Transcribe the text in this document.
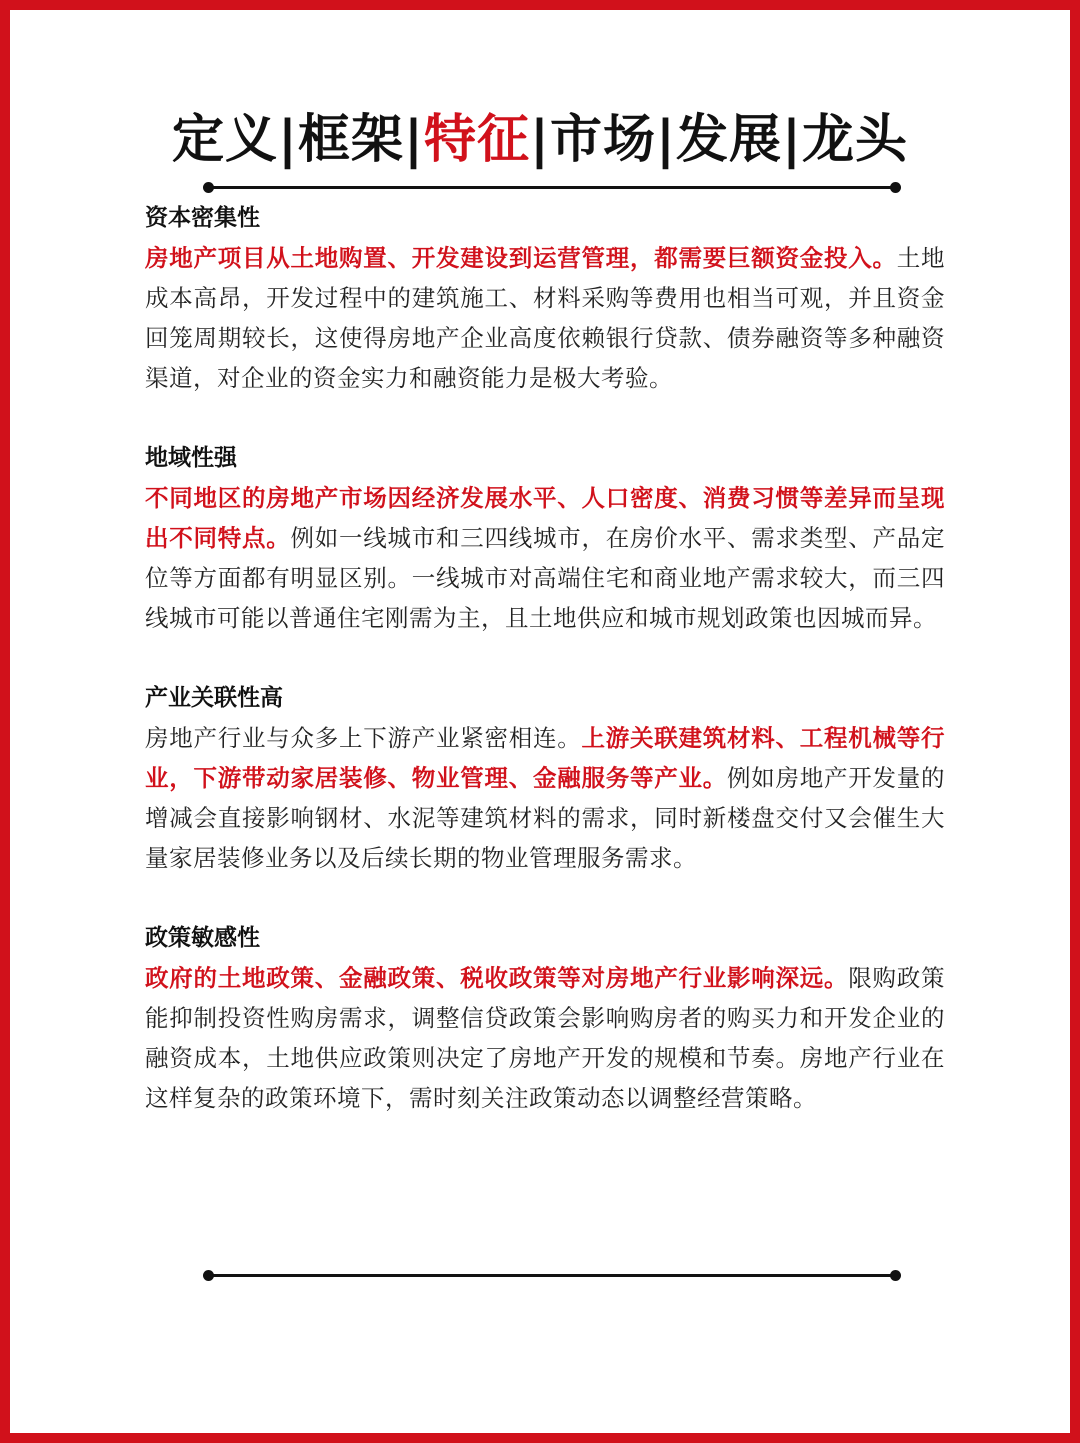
定义|框架|特征|市场|发展|龙头
资本密集性

房地产项目从土地购置、开发建设到运营管理，都需要巨额资金投入。土地成本高昂，开发过程中的建筑施工、材料采购等费用也相当可观，并且资金回笼周期较长，这使得房地产企业高度依赖银行贷款、债券融资等多种融资渠道，对企业的资金实力和融资能力是极大考验。

地域性强

不同地区的房地产市场因经济发展水平、人口密度、消费习惯等差异而呈现出不同特点。例如一线城市和三四线城市，在房价水平、需求类型、产品定位等方面都有明显区别。一线城市对高端住宅和商业地产需求较大，而三四线城市可能以普通住宅刚需为主，且土地供应和城市规划政策也因城而异。

产业关联性高

房地产行业与众多上下游产业紧密相连。上游关联建筑材料、工程机械等行业，下游带动家居装修、物业管理、金融服务等产业。例如房地产开发量的增减会直接影响钢材、水泥等建筑材料的需求，同时新楼盘交付又会催生大量家居装修业务以及后续长期的物业管理服务需求。

政策敏感性

政府的土地政策、金融政策、税收政策等对房地产行业影响深远。限购政策能抑制投资性购房需求，调整信贷政策会影响购房者的购买力和开发企业的融资成本，土地供应政策则决定了房地产开发的规模和节奏。房地产行业在这样复杂的政策环境下，需时刻关注政策动态以调整经营策略。
